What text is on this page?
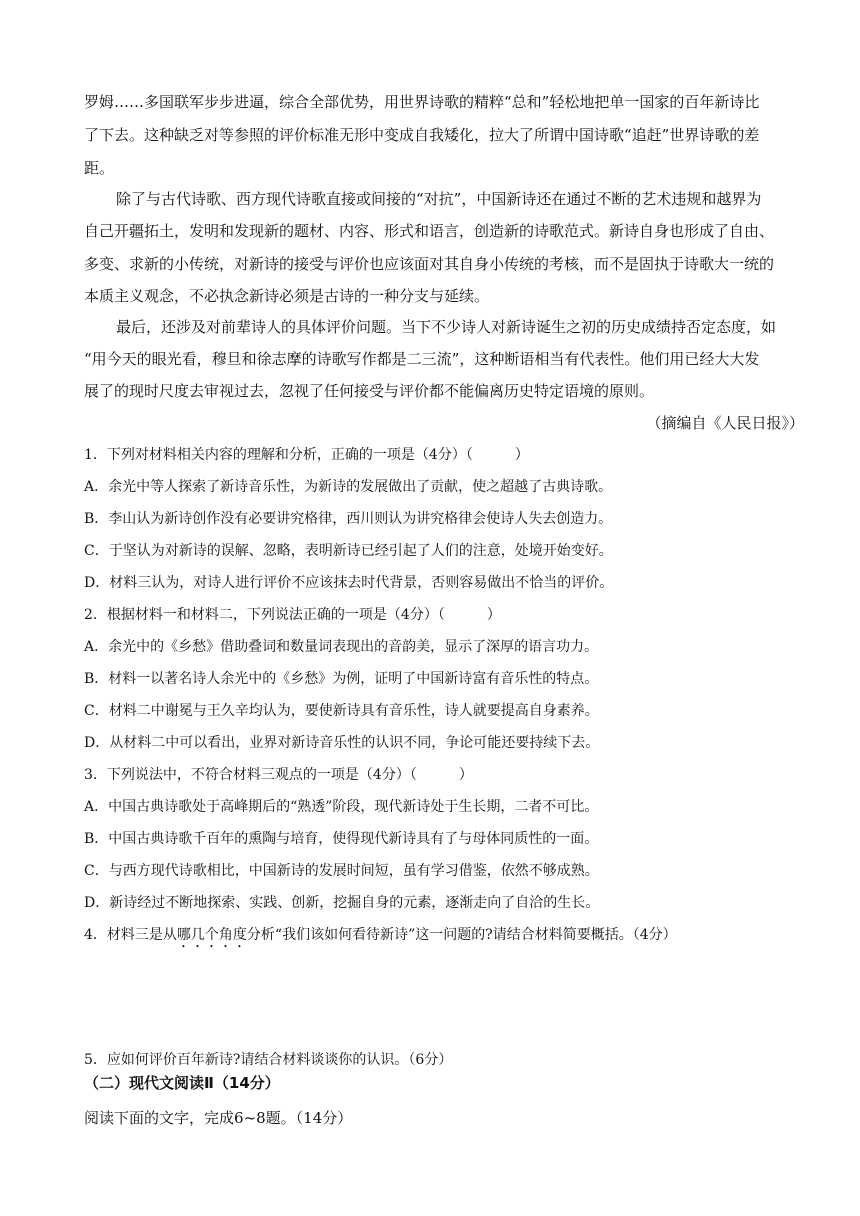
罗姆……多国联军步步进逼，综合全部优势，用世界诗歌的精粹“总和”轻松地把单一国家的百年新诗比
了下去。这种缺乏对等参照的评价标准无形中变成自我矮化，拉大了所谓中国诗歌“追赶”世界诗歌的差
距。
除了与古代诗歌、西方现代诗歌直接或间接的“对抗”，中国新诗还在通过不断的艺术违规和越界为
自己开疆拓土，发明和发现新的题材、内容、形式和语言，创造新的诗歌范式。新诗自身也形成了自由、
多变、求新的小传统，对新诗的接受与评价也应该面对其自身小传统的考核，而不是固执于诗歌大一统的
本质主义观念，不必执念新诗必须是古诗的一种分支与延续。
最后，还涉及对前辈诗人的具体评价问题。当下不少诗人对新诗诞生之初的历史成绩持否定态度，如
“用今天的眼光看，穆旦和徐志摩的诗歌写作都是二三流”，这种断语相当有代表性。他们用已经大大发
展了的现时尺度去审视过去，忽视了任何接受与评价都不能偏离历史特定语境的原则。
（摘编自《人民日报》）
1．下列对材料相关内容的理解和分析，正确的一项是（4分）（　　　）
A．余光中等人探索了新诗音乐性，为新诗的发展做出了贡献，使之超越了古典诗歌。
B．李山认为新诗创作没有必要讲究格律，西川则认为讲究格律会使诗人失去创造力。
C．于坚认为对新诗的误解、忽略，表明新诗已经引起了人们的注意，处境开始变好。
D．材料三认为，对诗人进行评价不应该抹去时代背景，否则容易做出不恰当的评价。
2．根据材料一和材料二，下列说法正确的一项是（4分）（　　　）
A．余光中的《乡愁》借助叠词和数量词表现出的音韵美，显示了深厚的语言功力。
B．材料一以著名诗人余光中的《乡愁》为例，证明了中国新诗富有音乐性的特点。
C．材料二中谢冕与王久辛均认为，要使新诗具有音乐性，诗人就要提高自身素养。
D．从材料二中可以看出，业界对新诗音乐性的认识不同，争论可能还要持续下去。
3．下列说法中，不符合材料三观点的一项是（4分）（　　　）
A．中国古典诗歌处于高峰期后的“熟透”阶段，现代新诗处于生长期，二者不可比。
B．中国古典诗歌千百年的熏陶与培育，使得现代新诗具有了与母体同质性的一面。
C．与西方现代诗歌相比，中国新诗的发展时间短，虽有学习借鉴，依然不够成熟。
D．新诗经过不断地探索、实践、创新，挖掘自身的元素，逐渐走向了自洽的生长。
4．材料三是从哪几个角度分析“我们该如何看待新诗”这一问题的?请结合材料简要概括。（4分）
5．应如何评价百年新诗?请结合材料谈谈你的认识。（6分）
（二）现代文阅读Ⅱ（14分）
阅读下面的文字，完成6~8题。（14分）
